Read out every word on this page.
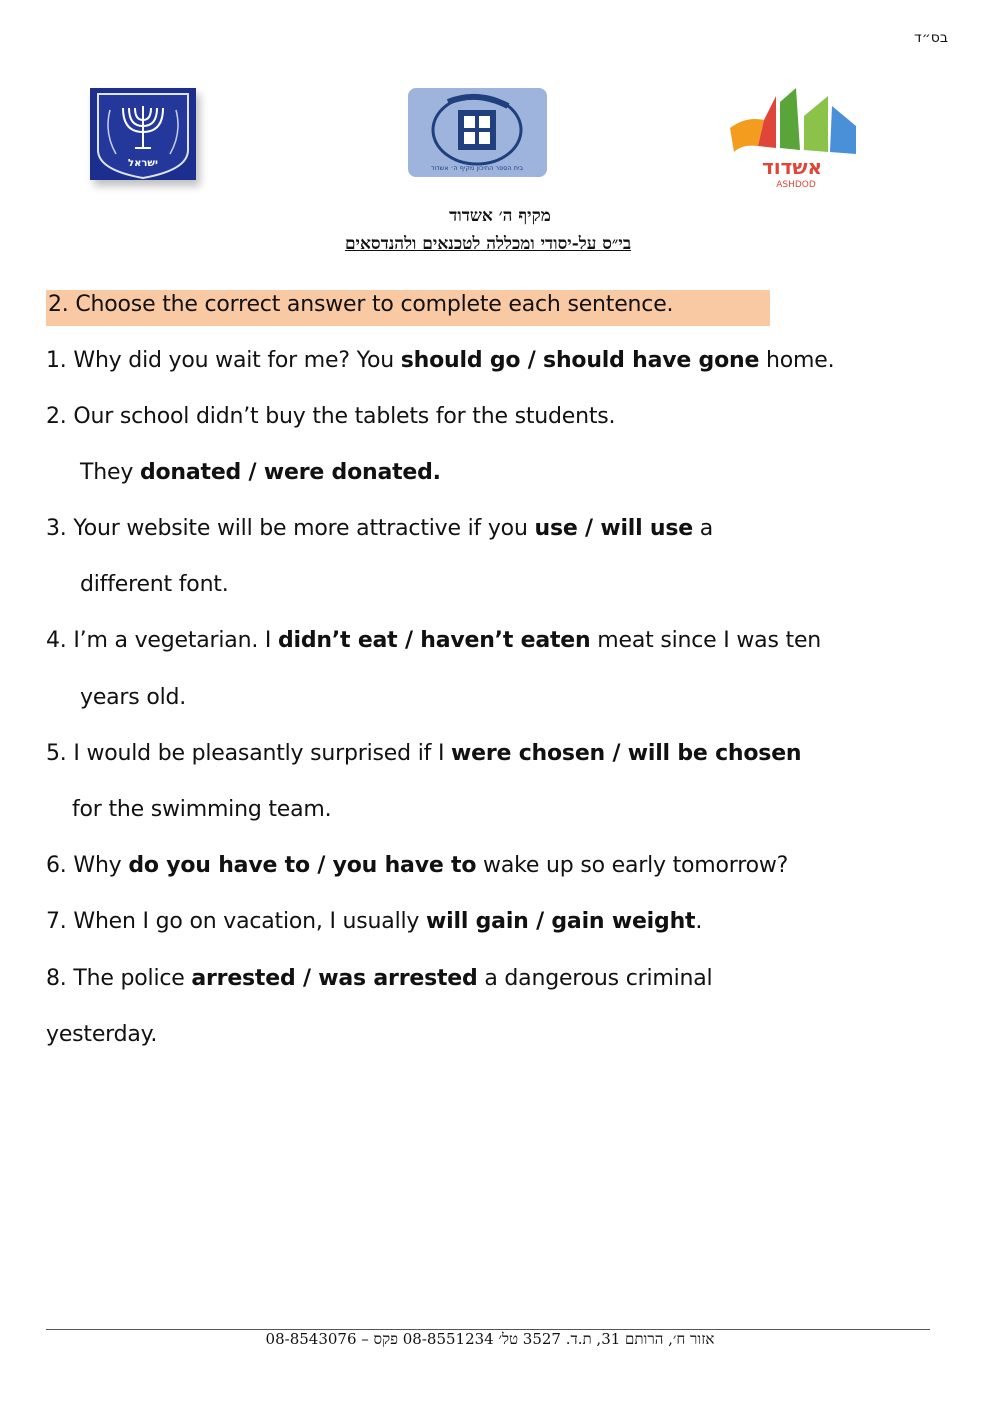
בס״ד
ישראל	בית הספר התיכון מקיף ה׳ אשדוד	אשדוד
ASHDOD
מקיף ה׳ אשדוד
בי״ס על-יסודי ומכללה לטכנאים ולהנדסאים
2. Choose the correct answer to complete each sentence.
1. Why did you wait for me? You should go / should have gone home.
2. Our school didn’t buy the tablets for the students.
They donated / were donated.
3. Your website will be more attractive if you use / will use a
different font.
4. I’m a vegetarian. I didn’t eat / haven’t eaten meat since I was ten
years old.
5. I would be pleasantly surprised if I were chosen / will be chosen
for the swimming team.
6. Why do you have to / you have to wake up so early tomorrow?
7. When I go on vacation, I usually will gain / gain weight.
8. The police arrested / was arrested a dangerous criminal
yesterday.
אזור ח׳, הרותם 31, ת.ד. 3527 טל׳ 08-8551234 פקס – 08-8543076
